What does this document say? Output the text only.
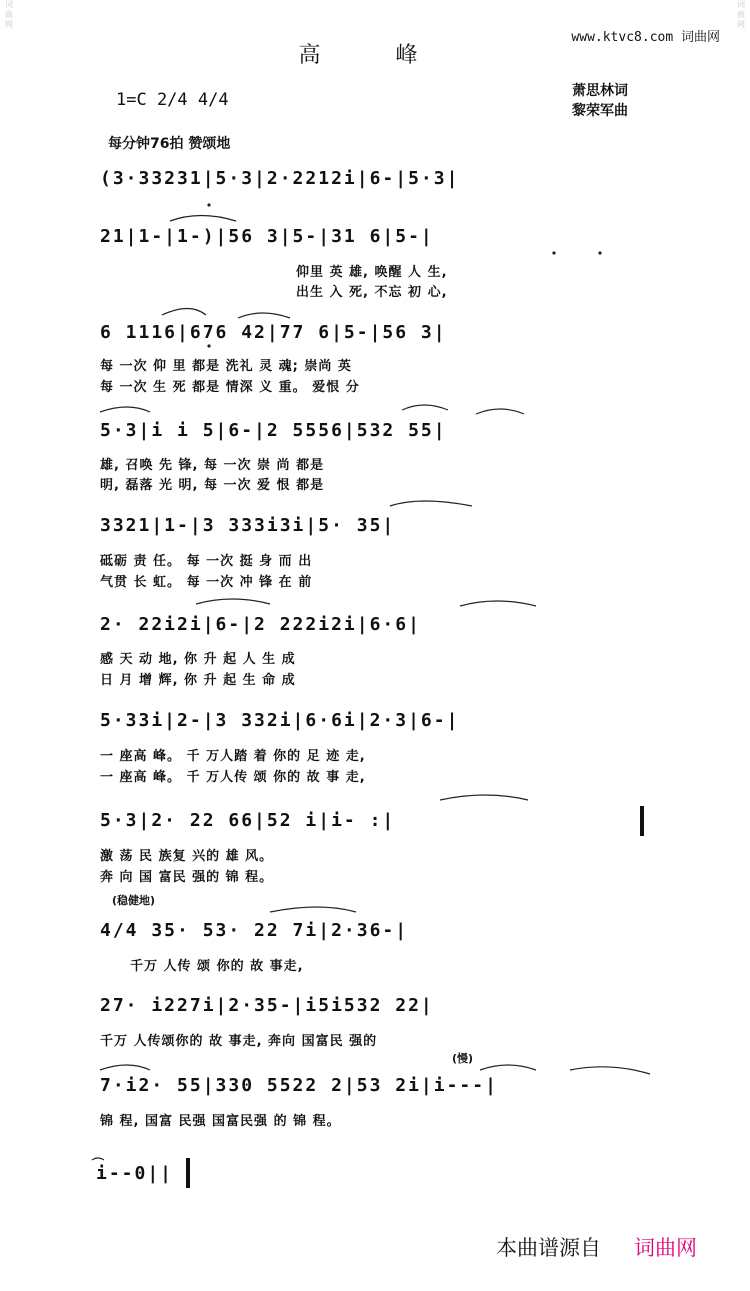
词
曲
网
词
曲
网
www.ktvc8.com 词曲网
高 峰
1=C 2/4 4/4	萧思林词
黎荣军曲
每分钟76拍 赞颂地
(3·33231|5·3|2·2212i|6-|5·3|
21|1-|1-)|56 3|5-|31 6|5-|
仰里 英 雄, 唤醒 人 生,
出生 入 死, 不忘 初 心,
6 1116|676 42|77 6|5-|56 3|
每 一次 仰 里 都是 洗礼 灵 魂; 崇尚 英
每 一次 生 死 都是 情深 义 重。 爱恨 分
5·3|i i 5|6-|2 5556|532 55|
雄, 召唤 先 锋, 每 一次 崇 尚 都是
明, 磊落 光 明, 每 一次 爱 恨 都是
3321|1-|3 333i3i|5· 35|
砥砺 责 任。 每 一次 挺 身 而 出
气贯 长 虹。 每 一次 冲 锋 在 前
2· 22i2i|6-|2 222i2i|6·6|
感 天 动 地, 你 升 起 人 生 成
日 月 增 辉, 你 升 起 生 命 成
5·33i|2-|3 332i|6·6i|2·3|6-|
一 座高 峰。 千 万人踏 着 你的 足 迹 走,
一 座高 峰。 千 万人传 颂 你的 故 事 走,
5·3|2· 22 66|52 i|i- :|
激 荡 民 族复 兴的 雄 风。
奔 向 国 富民 强的 锦 程。
(稳健地)
4/4 35· 53· 22 7i|2·36-|
千万 人传 颂 你的 故 事走,
27· i227i|2·35-|i5i532 22|
千万 人传颂你的 故 事走, 奔向 国富民 强的
(慢)
7·i2· 55|330 5522 2|53 2i|i---|
锦 程, 国富 民强 国富民强 的 锦 程。
i--0||
本曲谱源自 词曲网
